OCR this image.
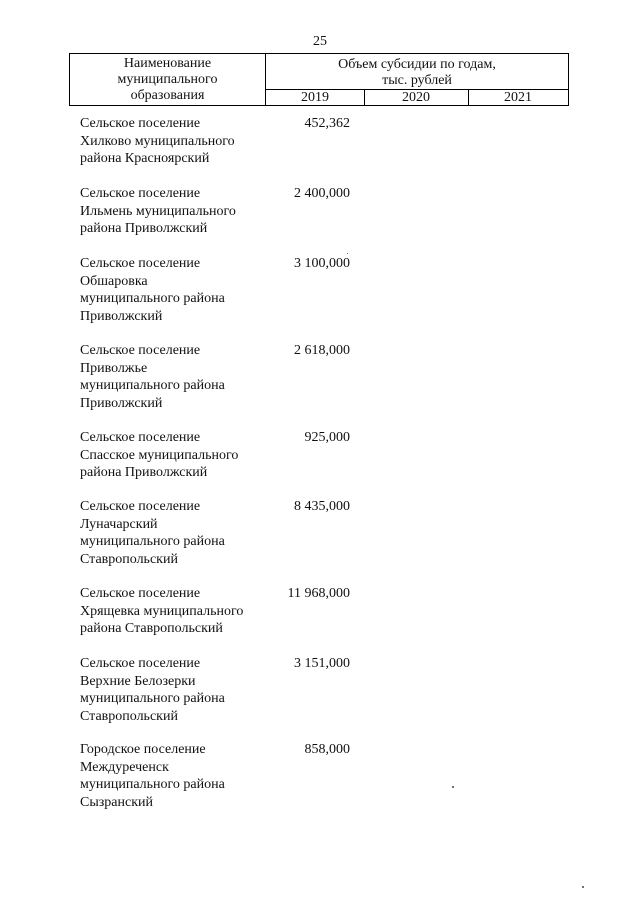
25
Наименование
муниципального
образования
Объем субсидии по годам,
тыс. рублей
2019	2020	2021
Сельское поселение
Хилково муниципального
района Красноярский
452,362
Сельское поселение
Ильмень муниципального
района Приволжский
2 400,000
Сельское поселение
Обшаровка
муниципального района
Приволжский
3 100,000
Сельское поселение
Приволжье
муниципального района
Приволжский
2 618,000
Сельское поселение
Спасское муниципального
района Приволжский
925,000
Сельское поселение
Луначарский
муниципального района
Ставропольский
8 435,000
Сельское поселение
Хрящевка муниципального
района Ставропольский
11 968,000
Сельское поселение
Верхние Белозерки
муниципального района
Ставропольский
3 151,000
Городское поселение
Междуреченск
муниципального района
Сызранский
858,000
